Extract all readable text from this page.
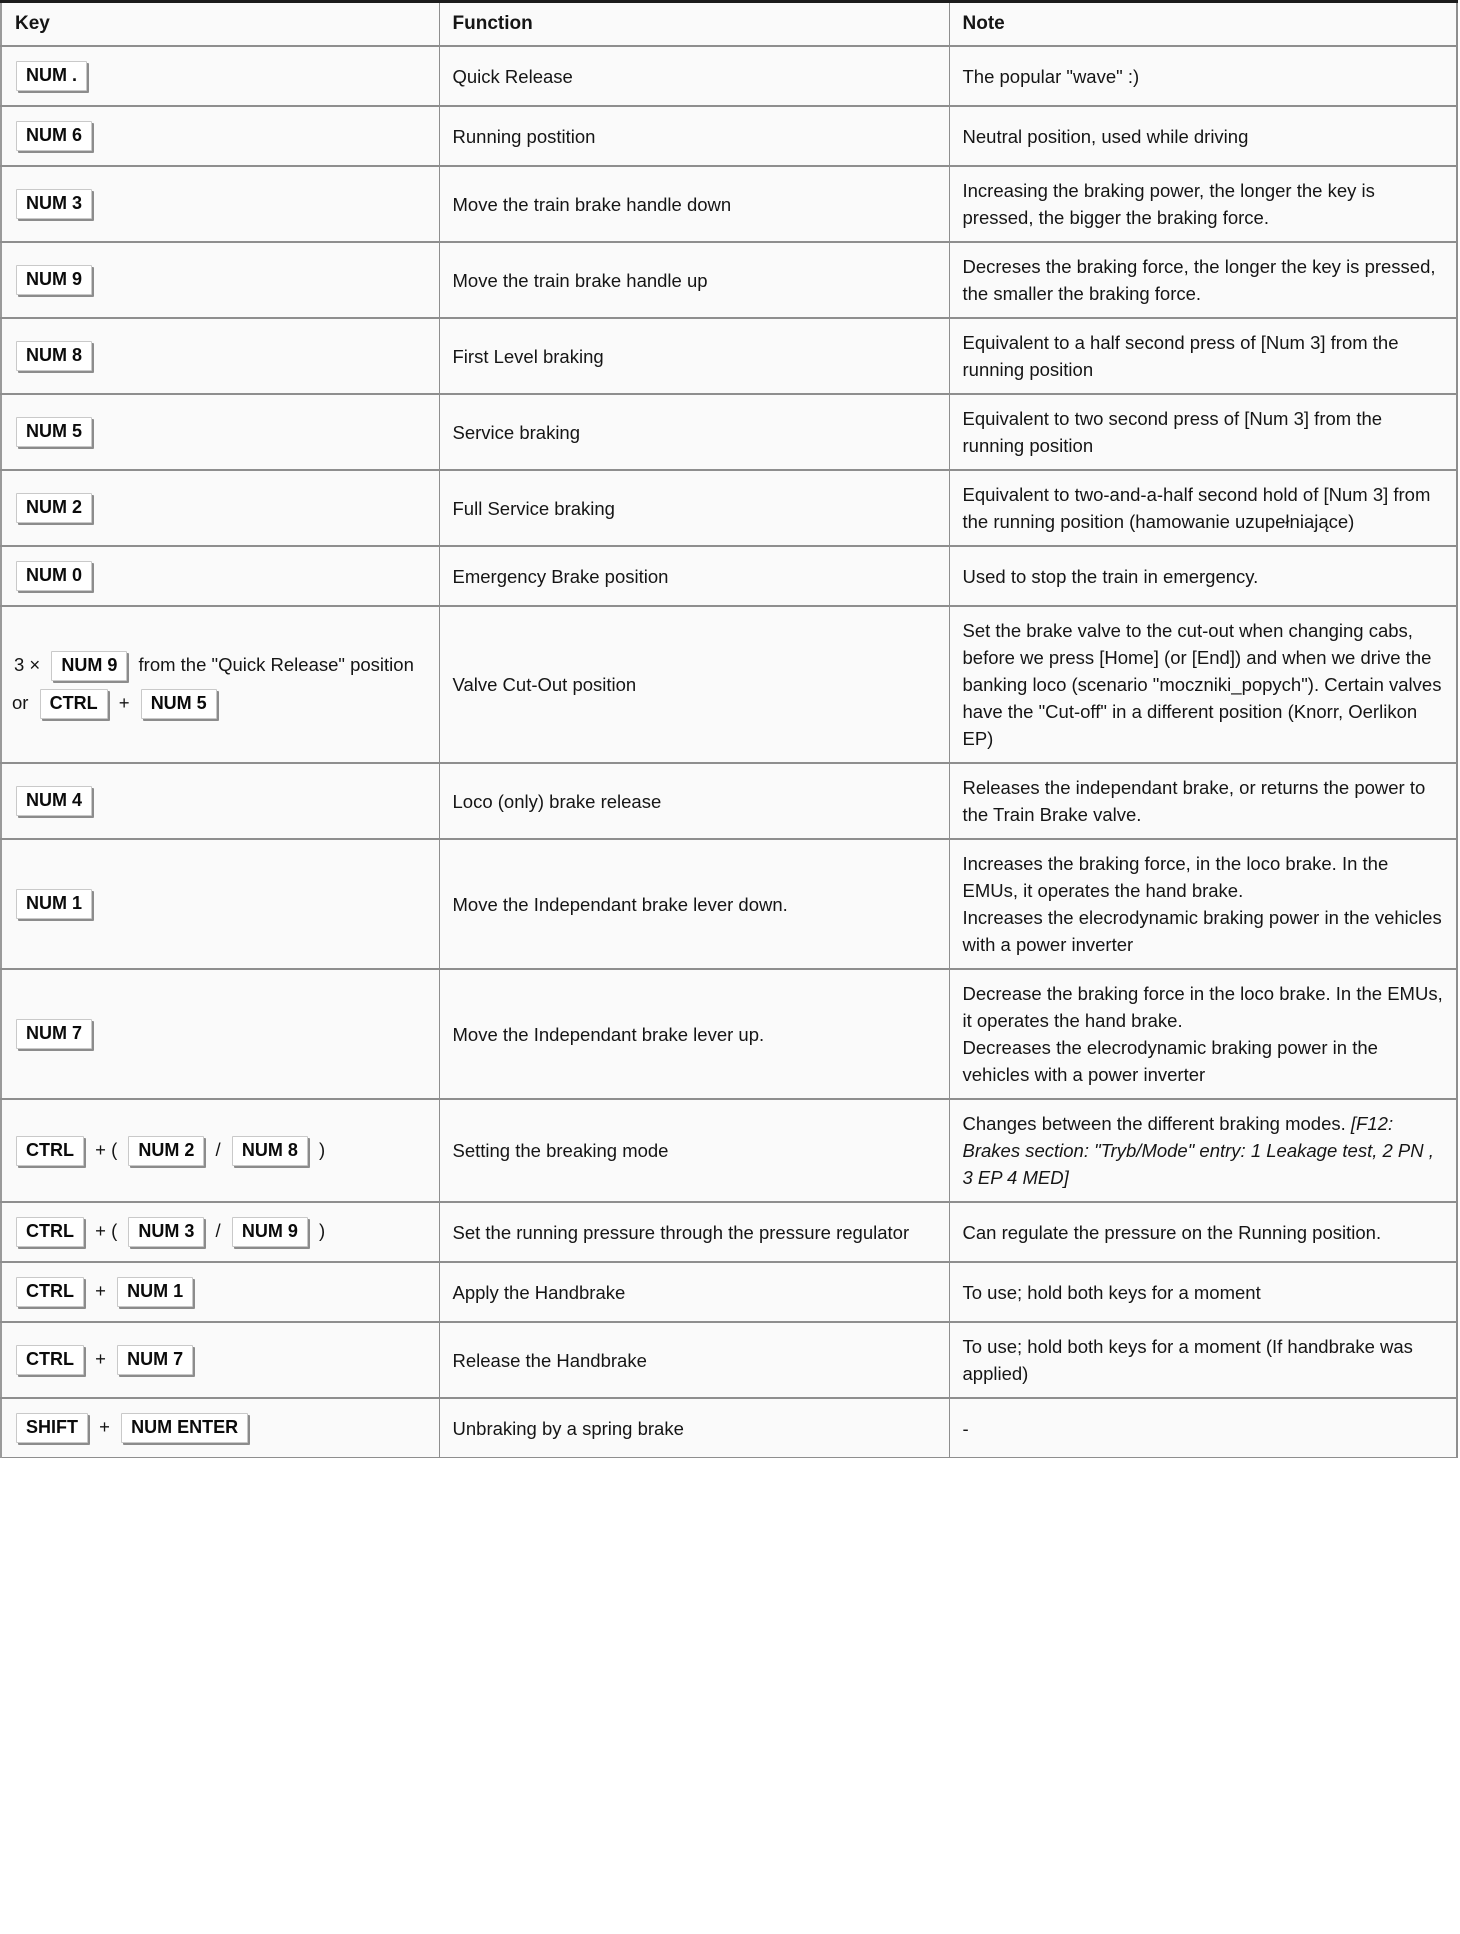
Key	Function	Note
NUM .	Quick Release	The popular "wave" :)
NUM 6	Running postition	Neutral position, used while driving
NUM 3	Move the train brake handle down	Increasing the braking power, the longer the key is pressed, the bigger the braking force.
NUM 9	Move the train brake handle up	Decreses the braking force, the longer the key is pressed, the smaller the braking force.
NUM 8	First Level braking	Equivalent to a half second press of [Num 3] from the running position
NUM 5	Service braking	Equivalent to two second press of [Num 3] from the running position
NUM 2	Full Service braking	Equivalent to two-and-a-half second hold of [Num 3] from the running position (hamowanie uzupełniające)
NUM 0	Emergency Brake position	Used to stop the train in emergency.
3 × NUM 9 from the "Quick Release" position or CTRL + NUM 5	Valve Cut-Out position	Set the brake valve to the cut-out when changing cabs, before we press [Home] (or [End]) and when we drive the banking loco (scenario "moczniki_popych"). Certain valves have the "Cut-off" in a different position (Knorr, Oerlikon EP)
NUM 4	Loco (only) brake release	Releases the independant brake, or returns the power to the Train Brake valve.
NUM 1	Move the Independant brake lever down.	Increases the braking force, in the loco brake. In the EMUs, it operates the hand brake.
Increases the elecrodynamic braking power in the vehicles with a power inverter
NUM 7	Move the Independant brake lever up.	Decrease the braking force in the loco brake. In the EMUs, it operates the hand brake.
Decreases the elecrodynamic braking power in the vehicles with a power inverter
CTRL + ( NUM 2 / NUM 8 )	Setting the breaking mode	Changes between the different braking modes. [F12: Brakes section: "Tryb/Mode" entry: 1 Leakage test, 2 PN , 3 EP 4 MED]
CTRL + ( NUM 3 / NUM 9 )	Set the running pressure through the pressure regulator	Can regulate the pressure on the Running position.
CTRL + NUM 1	Apply the Handbrake	To use; hold both keys for a moment
CTRL + NUM 7	Release the Handbrake	To use; hold both keys for a moment (If handbrake was applied)
SHIFT + NUM ENTER	Unbraking by a spring brake	-
